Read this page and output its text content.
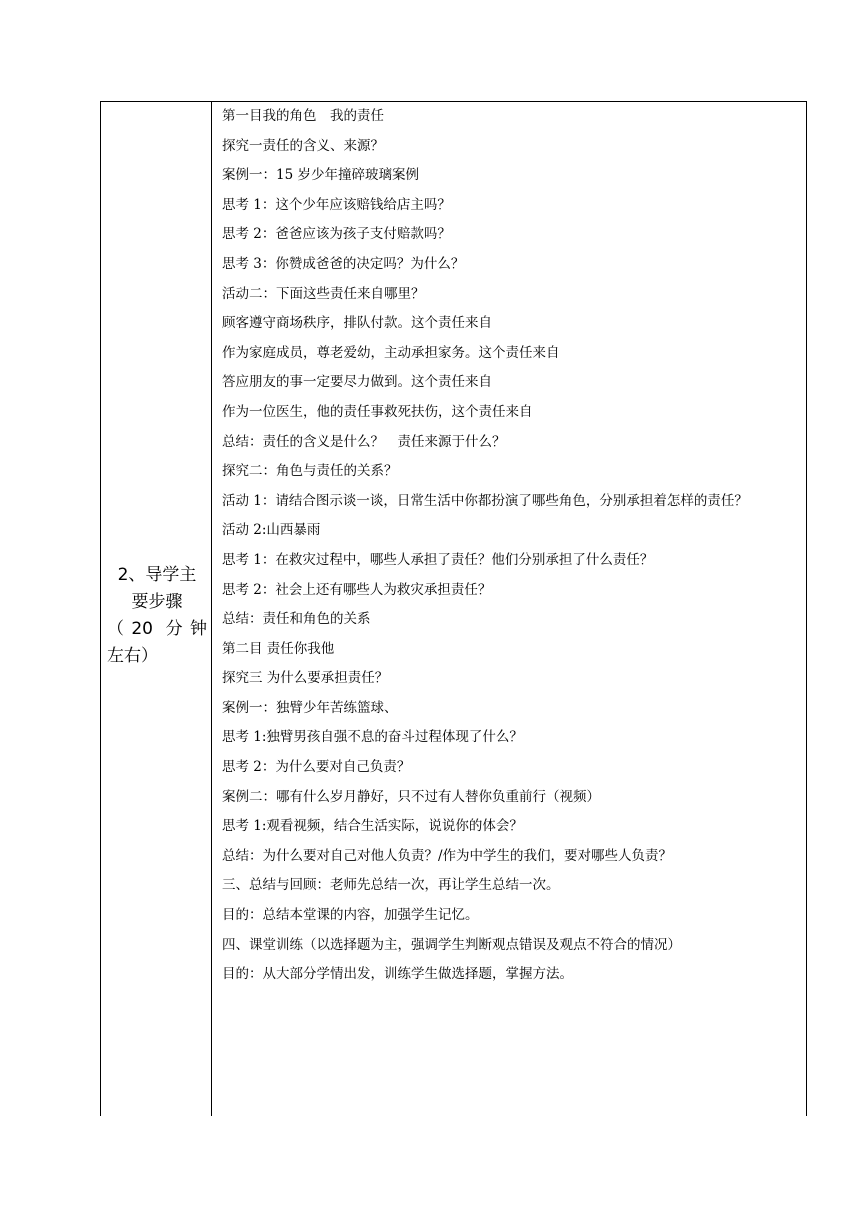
2、导学主
要步骤
（20 分钟
左右）
第一目我的角色　我的责任
探究一责任的含义、来源？
案例一：15 岁少年撞碎玻璃案例
思考 1：这个少年应该赔钱给店主吗？
思考 2：爸爸应该为孩子支付赔款吗？
思考 3：你赞成爸爸的决定吗？为什么？
活动二：下面这些责任来自哪里？
顾客遵守商场秩序，排队付款。这个责任来自
作为家庭成员，尊老爱幼，主动承担家务。这个责任来自
答应朋友的事一定要尽力做到。这个责任来自
作为一位医生，他的责任事救死扶伤，这个责任来自
总结：责任的含义是什么？　责任来源于什么？
探究二：角色与责任的关系？
活动 1：请结合图示谈一谈，日常生活中你都扮演了哪些角色，分别承担着怎样的责任？
活动 2:山西暴雨
思考 1：在救灾过程中，哪些人承担了责任？他们分别承担了什么责任？
思考 2：社会上还有哪些人为救灾承担责任？
总结：责任和角色的关系
第二目 责任你我他
探究三 为什么要承担责任？
案例一：独臂少年苦练篮球、
思考 1:独臂男孩自强不息的奋斗过程体现了什么？
思考 2：为什么要对自己负责？
案例二：哪有什么岁月静好，只不过有人替你负重前行（视频）
思考 1:观看视频，结合生活实际，说说你的体会？
总结：为什么要对自己对他人负责？/作为中学生的我们，要对哪些人负责？
三、总结与回顾：老师先总结一次，再让学生总结一次。
目的：总结本堂课的内容，加强学生记忆。
四、课堂训练（以选择题为主，强调学生判断观点错误及观点不符合的情况）
目的：从大部分学情出发，训练学生做选择题，掌握方法。
